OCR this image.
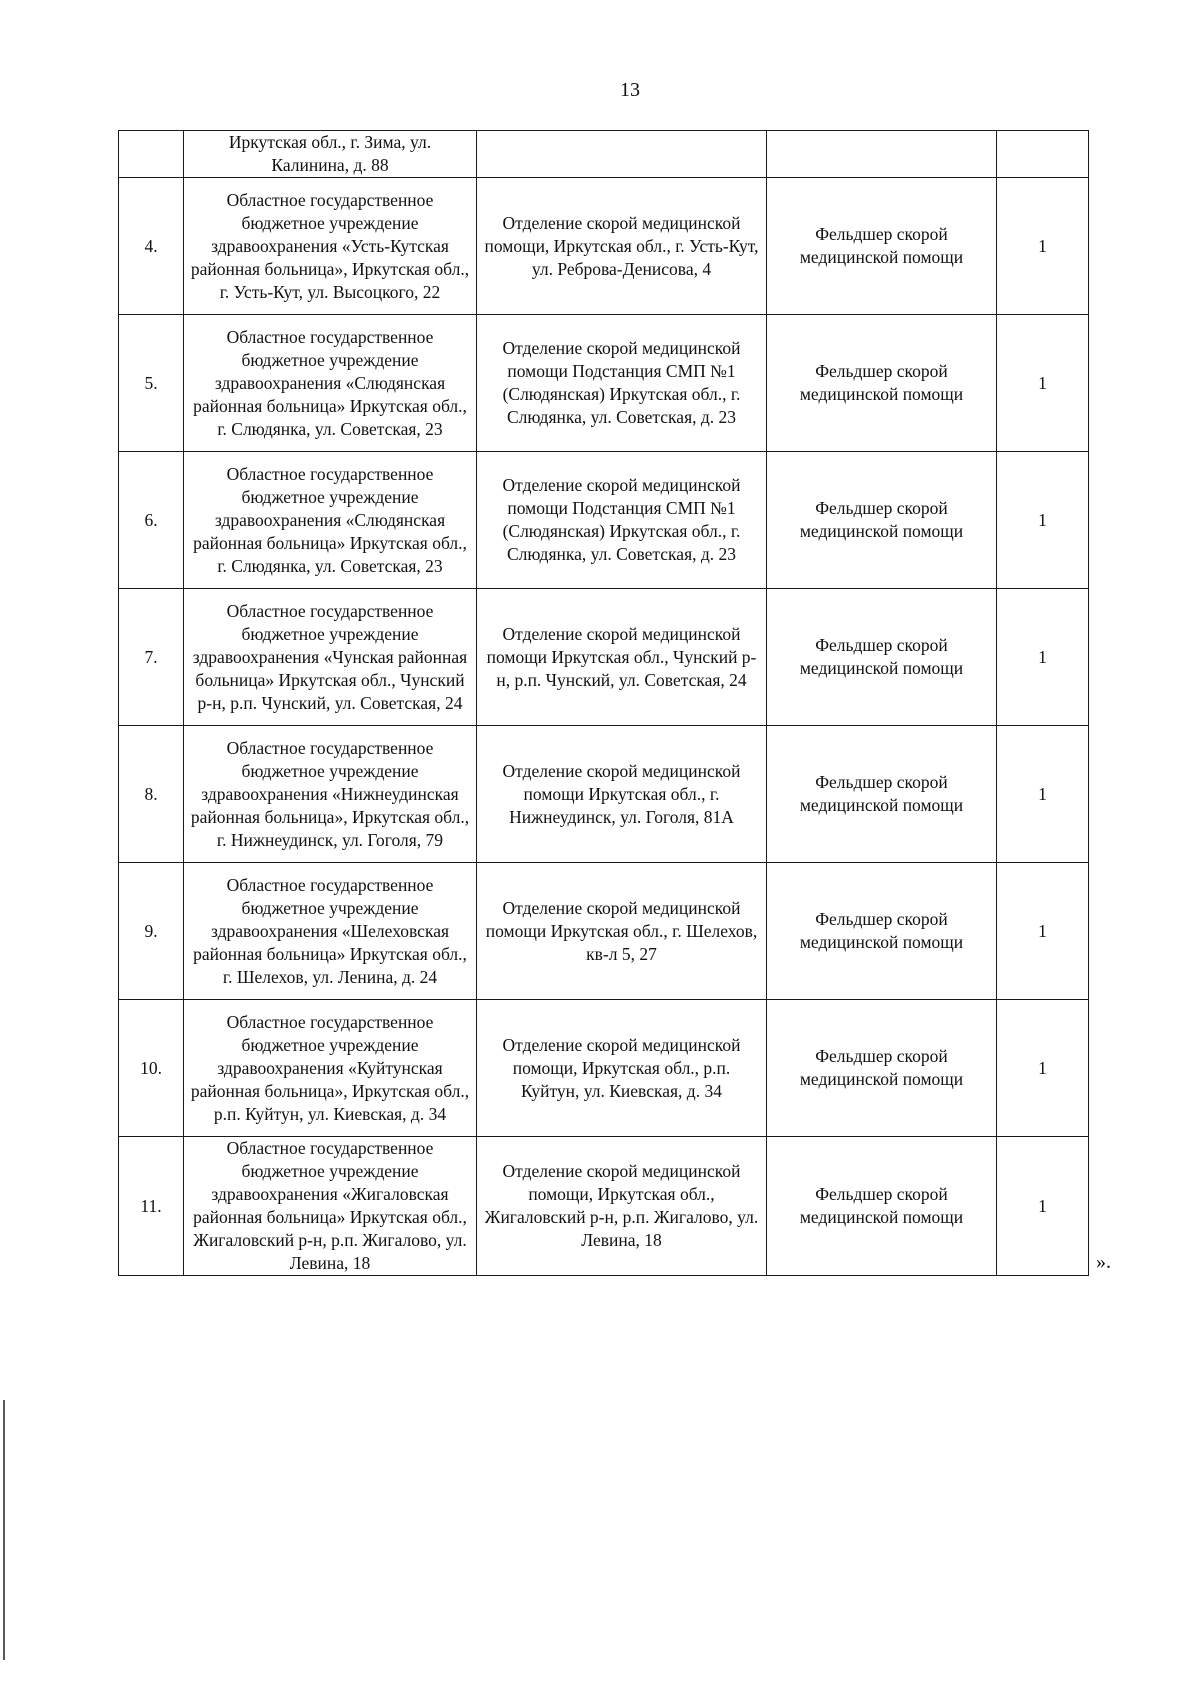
13
	Иркутская обл., г. Зима, ул. Калинина, д. 88			
4.	Областное государственное бюджетное учреждение здравоохранения «Усть-Кутская районная больница», Иркутская обл., г. Усть-Кут, ул. Высоцкого, 22	Отделение скорой медицинской помощи, Иркутская обл., г. Усть-Кут, ул. Реброва-Денисова, 4	Фельдшер скорой медицинской помощи	1
5.	Областное государственное бюджетное учреждение здравоохранения «Слюдянская районная больница» Иркутская обл., г. Слюдянка, ул. Советская, 23	Отделение скорой медицинской помощи Подстанция СМП №1 (Слюдянская) Иркутская обл., г. Слюдянка, ул. Советская, д. 23	Фельдшер скорой медицинской помощи	1
6.	Областное государственное бюджетное учреждение здравоохранения «Слюдянская районная больница» Иркутская обл., г. Слюдянка, ул. Советская, 23	Отделение скорой медицинской помощи Подстанция СМП №1 (Слюдянская) Иркутская обл., г. Слюдянка, ул. Советская, д. 23	Фельдшер скорой медицинской помощи	1
7.	Областное государственное бюджетное учреждение здравоохранения «Чунская районная больница» Иркутская обл., Чунский р-н, р.п. Чунский, ул. Советская, 24	Отделение скорой медицинской помощи Иркутская обл., Чунский р-н, р.п. Чунский, ул. Советская, 24	Фельдшер скорой медицинской помощи	1
8.	Областное государственное бюджетное учреждение здравоохранения «Нижнеудинская районная больница», Иркутская обл., г. Нижнеудинск, ул. Гоголя, 79	Отделение скорой медицинской помощи Иркутская обл., г. Нижнеудинск, ул. Гоголя, 81А	Фельдшер скорой медицинской помощи	1
9.	Областное государственное бюджетное учреждение здравоохранения «Шелеховская районная больница» Иркутская обл., г. Шелехов, ул. Ленина, д. 24	Отделение скорой медицинской помощи Иркутская обл., г. Шелехов, кв-л 5, 27	Фельдшер скорой медицинской помощи	1
10.	Областное государственное бюджетное учреждение здравоохранения «Куйтунская районная больница», Иркутская обл., р.п. Куйтун, ул. Киевская, д. 34	Отделение скорой медицинской помощи, Иркутская обл., р.п. Куйтун, ул. Киевская, д. 34	Фельдшер скорой медицинской помощи	1
11.	Областное государственное бюджетное учреждение здравоохранения «Жигаловская районная больница» Иркутская обл., Жигаловский р-н, р.п. Жигалово, ул. Левина, 18	Отделение скорой медицинской помощи, Иркутская обл., Жигаловский р-н, р.п. Жигалово, ул. Левина, 18	Фельдшер скорой медицинской помощи	1
».
